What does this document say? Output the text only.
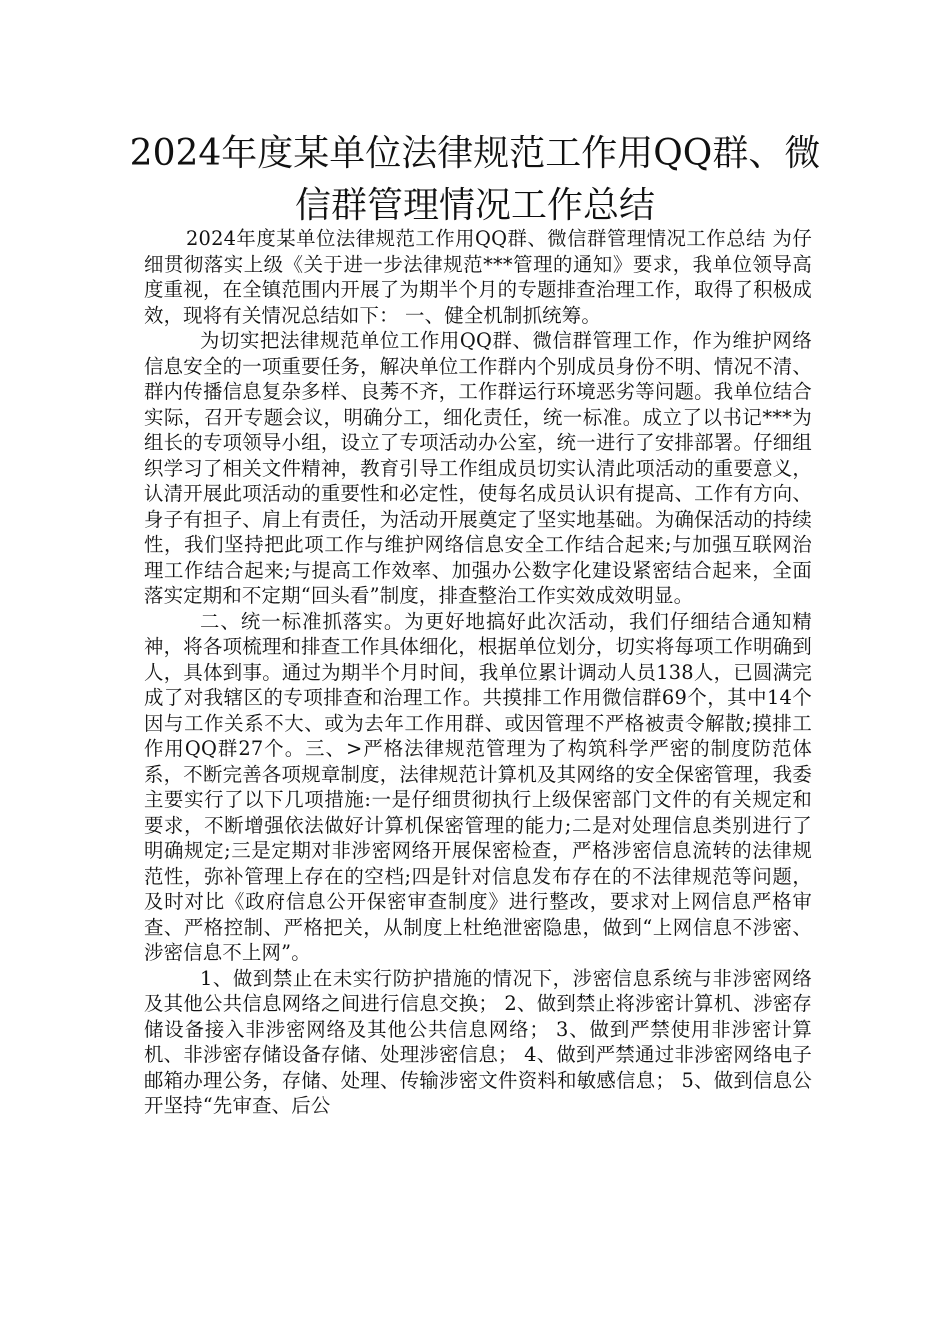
2024年度某单位法律规范工作用QQ群、微信群管理情况工作总结

2024年度某单位法律规范工作用QQ群、微信群管理情况工作总结 为仔细贯彻落实上级《关于进一步法律规范***管理的通知》要求，我单位领导高度重视，在全镇范围内开展了为期半个月的专题排查治理工作，取得了积极成效，现将有关情况总结如下： 一、健全机制抓统筹。

为切实把法律规范单位工作用QQ群、微信群管理工作，作为维护网络信息安全的一项重要任务，解决单位工作群内个别成员身份不明、情况不清、群内传播信息复杂多样、良莠不齐，工作群运行环境恶劣等问题。我单位结合实际，召开专题会议，明确分工，细化责任，统一标准。成立了以书记***为组长的专项领导小组，设立了专项活动办公室，统一进行了安排部署。仔细组织学习了相关文件精神，教育引导工作组成员切实认清此项活动的重要意义，认清开展此项活动的重要性和必定性，使每名成员认识有提高、工作有方向、身子有担子、肩上有责任，为活动开展奠定了坚实地基础。为确保活动的持续性，我们坚持把此项工作与维护网络信息安全工作结合起来;与加强互联网治理工作结合起来;与提高工作效率、加强办公数字化建设紧密结合起来，全面落实定期和不定期“回头看”制度，排查整治工作实效成效明显。

二、统一标准抓落实。为更好地搞好此次活动，我们仔细结合通知精神，将各项梳理和排查工作具体细化，根据单位划分，切实将每项工作明确到人，具体到事。通过为期半个月时间，我单位累计调动人员138人，已圆满完成了对我辖区的专项排查和治理工作。共摸排工作用微信群69个，其中14个因与工作关系不大、或为去年工作用群、或因管理不严格被责令解散;摸排工作用QQ群27个。三、>严格法律规范管理为了构筑科学严密的制度防范体系，不断完善各项规章制度，法律规范计算机及其网络的安全保密管理，我委主要实行了以下几项措施:一是仔细贯彻执行上级保密部门文件的有关规定和要求，不断增强依法做好计算机保密管理的能力;二是对处理信息类别进行了明确规定;三是定期对非涉密网络开展保密检查，严格涉密信息流转的法律规范性，弥补管理上存在的空档;四是针对信息发布存在的不法律规范等问题，及时对比《政府信息公开保密审查制度》进行整改，要求对上网信息严格审查、严格控制、严格把关，从制度上杜绝泄密隐患，做到“上网信息不涉密、涉密信息不上网”。

1、做到禁止在未实行防护措施的情况下，涉密信息系统与非涉密网络及其他公共信息网络之间进行信息交换； 2、做到禁止将涉密计算机、涉密存储设备接入非涉密网络及其他公共信息网络； 3、做到严禁使用非涉密计算机、非涉密存储设备存储、处理涉密信息； 4、做到严禁通过非涉密网络电子邮箱办理公务，存储、处理、传输涉密文件资料和敏感信息； 5、做到信息公开坚持“先审查、后公
